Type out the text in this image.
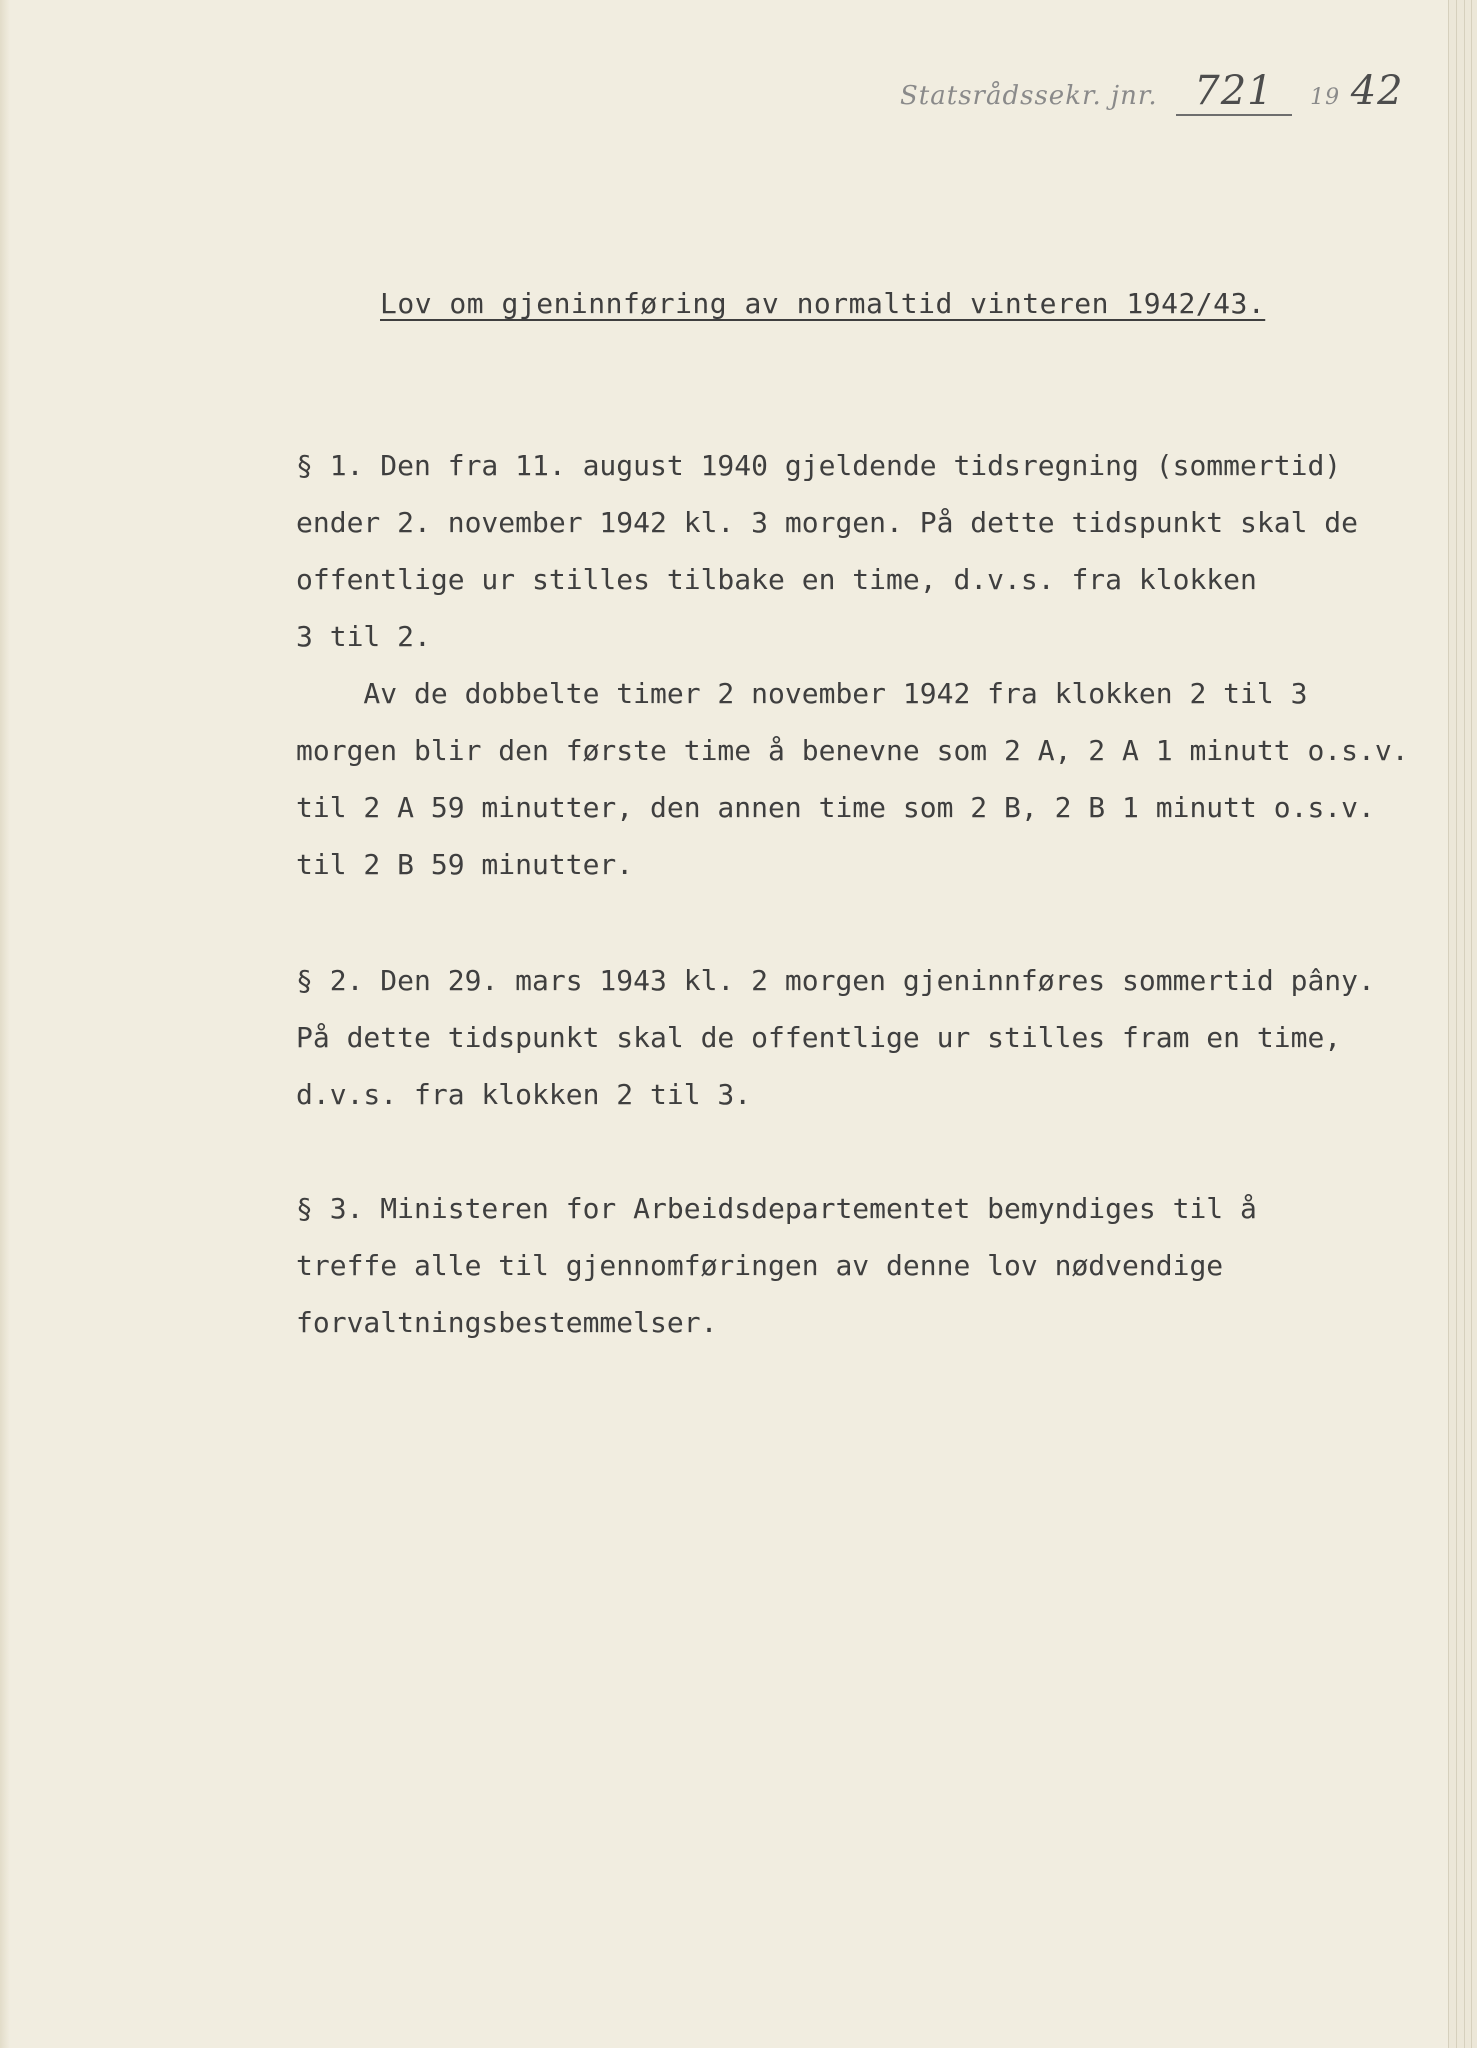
Statsrådssekr. jnr. 721 19 42
Lov om gjeninnføring av normaltid vinteren 1942/43.
§ 1. Den fra 11. august 1940 gjeldende tidsregning (sommertid)
ender 2. november 1942 kl. 3 morgen. På dette tidspunkt skal de
offentlige ur stilles tilbake en time, d.v.s. fra klokken
3 til 2.
Av de dobbelte timer 2 november 1942 fra klokken 2 til 3
morgen blir den første time å benevne som 2 A, 2 A 1 minutt o.s.v.
til 2 A 59 minutter, den annen time som 2 B, 2 B 1 minutt o.s.v.
til 2 B 59 minutter.
§ 2. Den 29. mars 1943 kl. 2 morgen gjeninnføres sommertid pâny.
På dette tidspunkt skal de offentlige ur stilles fram en time,
d.v.s. fra klokken 2 til 3.
§ 3. Ministeren for Arbeidsdepartementet bemyndiges til å
treffe alle til gjennomføringen av denne lov nødvendige
forvaltningsbestemmelser.
